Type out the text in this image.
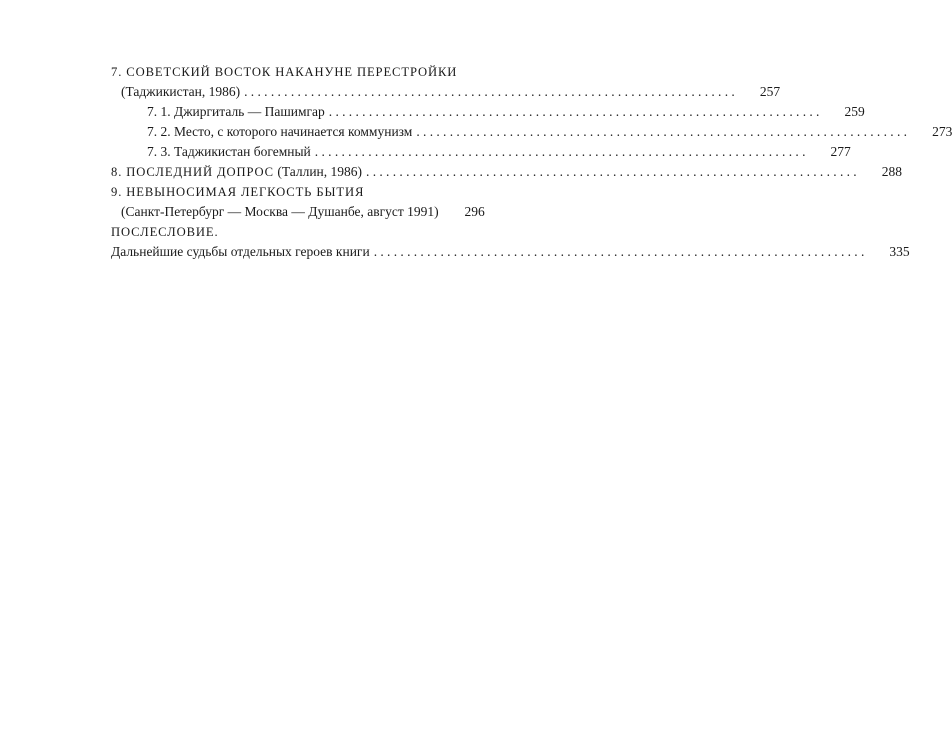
7. СОВЕТСКИЙ ВОСТОК НАКАНУНЕ ПЕРЕСТРОЙКИ
(Таджикистан, 1986) ..........................................................................	257
7. 1. Джиргиталь — Пашимгар ..........................................................................	259
7. 2. Место, с которого начинается коммунизм ..........................................................................	273
7. 3. Таджикистан богемный ..........................................................................	277
8. ПОСЛЕДНИЙ ДОПРОС (Таллин, 1986) ..........................................................................	288
9. НЕВЫНОСИМАЯ ЛЕГКОСТЬ БЫТИЯ
(Санкт-Петербург — Москва — Душанбе, август 1991)	296
ПОСЛЕСЛОВИЕ.
Дальнейшие судьбы отдельных героев книги ..........................................................................	335
